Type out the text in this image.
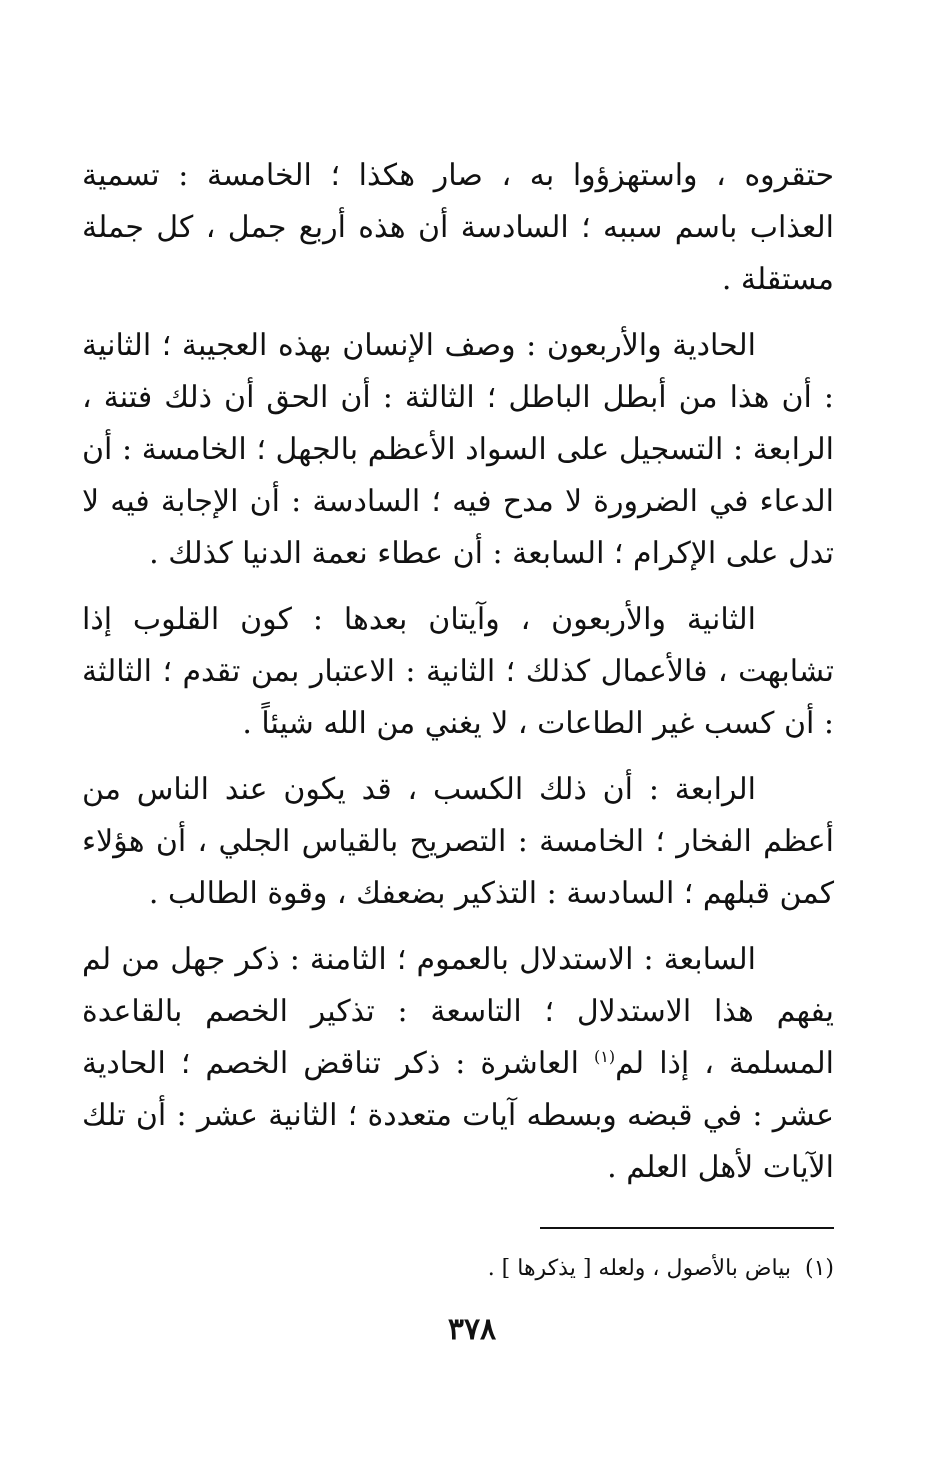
حتقروه ، واستهزؤوا به ، صار هكذا ؛ الخامسة : تسمية العذاب باسم سببه ؛ السادسة أن هذه أربع جمل ، كل جملة مستقلة .

الحادية والأربعون : وصف الإنسان بهذه العجيبة ؛ الثانية : أن هذا من أبطل الباطل ؛ الثالثة : أن الحق أن ذلك فتنة ، الرابعة : التسجيل على السواد الأعظم بالجهل ؛ الخامسة : أن الدعاء في الضرورة لا مدح فيه ؛ السادسة : أن الإجابة فيه لا تدل على الإكرام ؛ السابعة : أن عطاء نعمة الدنيا كذلك .

الثانية والأربعون ، وآيتان بعدها : كون القلوب إذا تشابهت ، فالأعمال كذلك ؛ الثانية : الاعتبار بمن تقدم ؛ الثالثة : أن كسب غير الطاعات ، لا يغني من الله شيئاً .

الرابعة : أن ذلك الكسب ، قد يكون عند الناس من أعظم الفخار ؛ الخامسة : التصريح بالقياس الجلي ، أن هؤلاء كمن قبلهم ؛ السادسة : التذكير بضعفك ، وقوة الطالب .

السابعة : الاستدلال بالعموم ؛ الثامنة : ذكر جهل من لم يفهم هذا الاستدلال ؛ التاسعة : تذكير الخصم بالقاعدة المسلمة ، إذا لم$^{(١)}$ العاشرة : ذكر تناقض الخصم ؛ الحادية عشر : في قبضه وبسطه آيات متعددة ؛ الثانية عشر : أن تلك الآيات لأهل العلم .

(١)بياض بالأصول ، ولعله [ يذكرها ] .
٣٧٨
